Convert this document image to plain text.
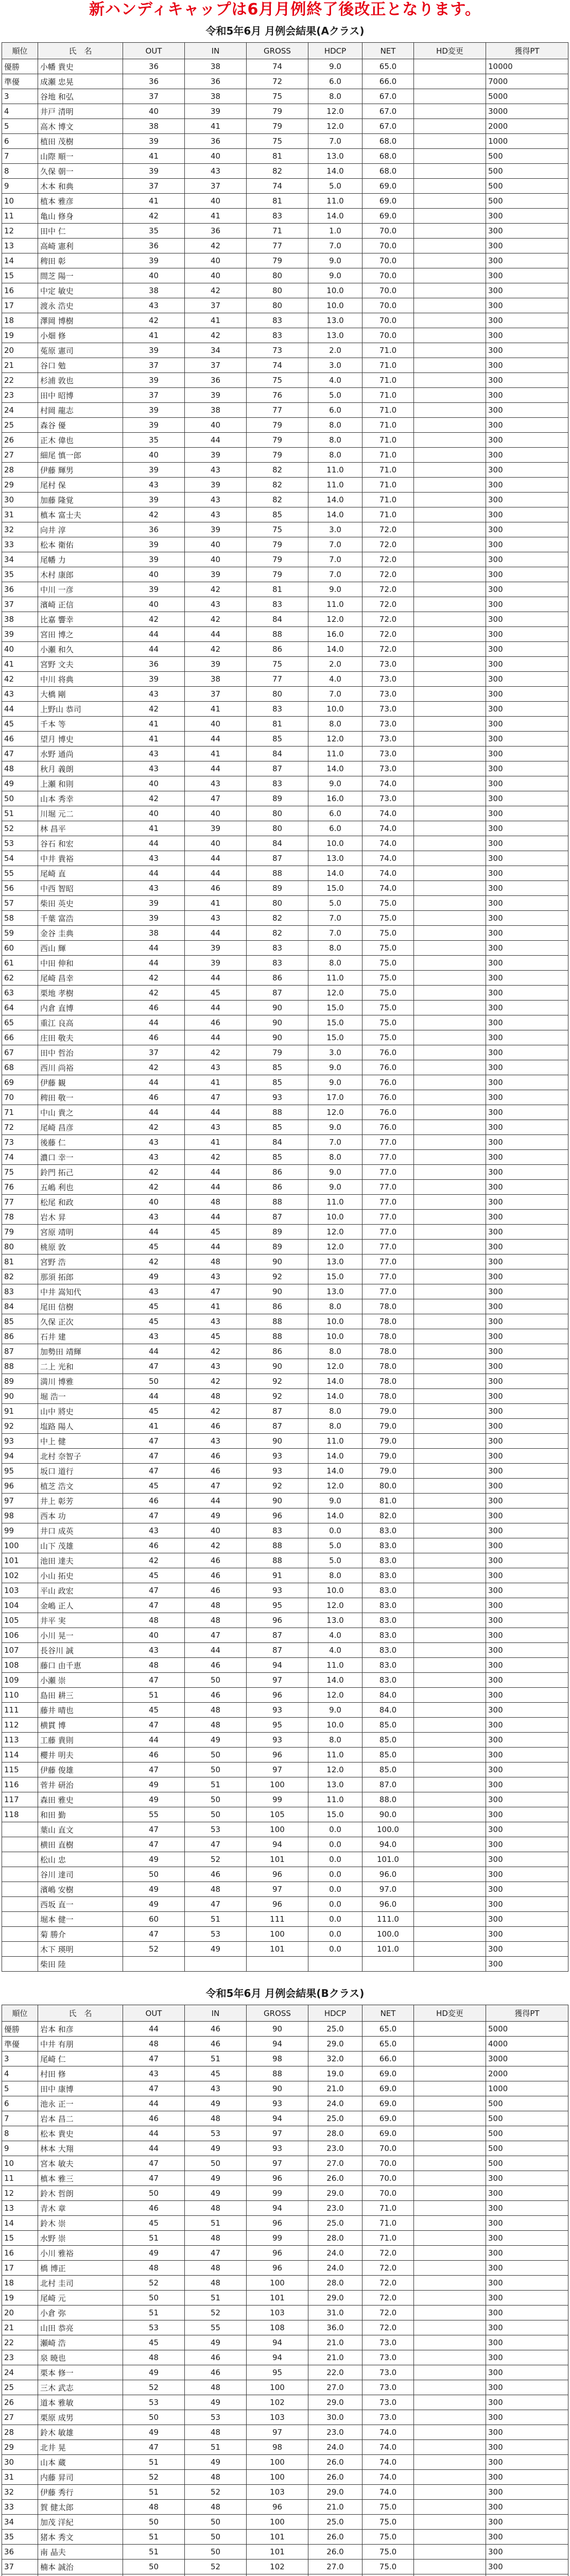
新ハンディキャップは6月月例終了後改正となります。
令和5年6月 月例会結果(Aクラス)
順位	氏　名	OUT	IN	GROSS	HDCP	NET	HD変更	獲得PT
優勝	小幡 貴史	36	38	74	9.0	65.0		10000
準優	成瀬 忠晃	36	36	72	6.0	66.0		7000
3	谷地 和弘	37	38	75	8.0	67.0		5000
4	井戸 清明	40	39	79	12.0	67.0		3000
5	高木 博文	38	41	79	12.0	67.0		2000
6	植田 茂樹	39	36	75	7.0	68.0		1000
7	山際 順一	41	40	81	13.0	68.0		500
8	久保 朝一	39	43	82	14.0	68.0		500
9	木本 和典	37	37	74	5.0	69.0		500
10	植本 雅彦	41	40	81	11.0	69.0		500
11	亀山 修身	42	41	83	14.0	69.0		300
12	田中 仁	35	36	71	1.0	70.0		300
13	高崎 憲利	36	42	77	7.0	70.0		300
14	稗田 彰	39	40	79	9.0	70.0		300
15	間芝 陽一	40	40	80	9.0	70.0		300
16	中定 敏史	38	42	80	10.0	70.0		300
17	渡永 浩史	43	37	80	10.0	70.0		300
18	澤岡 博樹	42	41	83	13.0	70.0		300
19	小畑 修	41	42	83	13.0	70.0		300
20	菟原 憲司	39	34	73	2.0	71.0		300
21	谷口 勉	37	37	74	3.0	71.0		300
22	杉浦 敦也	39	36	75	4.0	71.0		300
23	田中 昭博	37	39	76	5.0	71.0		300
24	村岡 龍志	39	38	77	6.0	71.0		300
25	森谷 優	39	40	79	8.0	71.0		300
26	正木 偉也	35	44	79	8.0	71.0		300
27	細尾 慎一郎	40	39	79	8.0	71.0		300
28	伊藤 輝男	39	43	82	11.0	71.0		300
29	尾村 保	43	39	82	11.0	71.0		300
30	加藤 隆覚	39	43	82	14.0	71.0		300
31	槙本 富士夫	42	43	85	14.0	71.0		300
32	向井 淳	36	39	75	3.0	72.0		300
33	松本 衛佑	39	40	79	7.0	72.0		300
34	尾幡 力	39	40	79	7.0	72.0		300
35	木村 康郎	40	39	79	7.0	72.0		300
36	中川 一彦	39	42	81	9.0	72.0		300
37	濱崎 正信	40	43	83	11.0	72.0		300
38	比嘉 響幸	42	42	84	12.0	72.0		300
39	宮田 博之	44	44	88	16.0	72.0		300
40	小瀬 和久	44	42	86	14.0	72.0		300
41	宮野 文夫	36	39	75	2.0	73.0		300
42	中川 将典	39	38	77	4.0	73.0		300
43	大橋 剛	43	37	80	7.0	73.0		300
44	上野山 恭司	42	41	83	10.0	73.0		300
45	千本 等	41	40	81	8.0	73.0		300
46	望月 博史	41	44	85	12.0	73.0		300
47	水野 通尚	43	41	84	11.0	73.0		300
48	秋月 義朗	43	44	87	14.0	73.0		300
49	上瀬 和則	40	43	83	9.0	74.0		300
50	山本 秀幸	42	47	89	16.0	73.0		300
51	川堀 元二	40	40	80	6.0	74.0		300
52	林 昌平	41	39	80	6.0	74.0		300
53	谷石 和宏	44	40	84	10.0	74.0		300
54	中井 貴裕	43	44	87	13.0	74.0		300
55	尾崎 直	44	44	88	14.0	74.0		300
56	中西 智昭	43	46	89	15.0	74.0		300
57	柴田 英史	39	41	80	5.0	75.0		300
58	千葉 富浩	39	43	82	7.0	75.0		300
59	金谷 圭典	38	44	82	7.0	75.0		300
60	西山 輝	44	39	83	8.0	75.0		300
61	中田 伸和	44	39	83	8.0	75.0		300
62	尾崎 昌幸	42	44	86	11.0	75.0		300
63	栗地 孝樹	42	45	87	12.0	75.0		300
64	内倉 直博	46	44	90	15.0	75.0		300
65	重江 良高	44	46	90	15.0	75.0		300
66	庄田 敬夫	46	44	90	15.0	75.0		300
67	田中 哲治	37	42	79	3.0	76.0		300
68	西川 尚裕	42	43	85	9.0	76.0		300
69	伊藤 観	44	41	85	9.0	76.0		300
70	稗田 敬一	46	47	93	17.0	76.0		300
71	中山 貴之	44	44	88	12.0	76.0		300
72	尾崎 昌彦	42	43	85	9.0	76.0		300
73	後藤 仁	43	41	84	7.0	77.0		300
74	濃口 幸一	43	42	85	8.0	77.0		300
75	鈴門 拓己	42	44	86	9.0	77.0		300
76	五嶋 利也	42	44	86	9.0	77.0		300
77	松尾 和政	40	48	88	11.0	77.0		300
78	岩木 昇	43	44	87	10.0	77.0		300
79	宮原 靖明	44	45	89	12.0	77.0		300
80	桃原 敦	45	44	89	12.0	77.0		300
81	宮野 浩	42	48	90	13.0	77.0		300
82	那須 拓郎	49	43	92	15.0	77.0		300
83	中井 嵩知代	43	47	90	13.0	77.0		300
84	尾田 信樹	45	41	86	8.0	78.0		300
85	久保 正次	45	43	88	10.0	78.0		300
86	石井 建	43	45	88	10.0	78.0		300
87	加勢田 靖輝	44	42	86	8.0	78.0		300
88	二上 光和	47	43	90	12.0	78.0		300
89	満川 博雅	50	42	92	14.0	78.0		300
90	堀 浩一	44	48	92	14.0	78.0		300
91	山中 將史	45	42	87	8.0	79.0		300
92	塩路 陽人	41	46	87	8.0	79.0		300
93	中上 健	47	43	90	11.0	79.0		300
94	北村 奈智子	47	46	93	14.0	79.0		300
95	坂口 道行	47	46	93	14.0	79.0		300
96	植芝 浩文	45	47	92	12.0	80.0		300
97	井上 彰芳	46	44	90	9.0	81.0		300
98	西本 功	47	49	96	14.0	82.0		300
99	井口 成英	43	40	83	0.0	83.0		300
100	山下 茂雄	46	42	88	5.0	83.0		300
101	池田 達夫	42	46	88	5.0	83.0		300
102	小山 拓史	45	46	91	8.0	83.0		300
103	平山 政宏	47	46	93	10.0	83.0		300
104	金嶋 正人	47	48	95	12.0	83.0		300
105	井平 実	48	48	96	13.0	83.0		300
106	小川 晃一	40	47	87	4.0	83.0		300
107	長谷川 誠	43	44	87	4.0	83.0		300
108	藤口 由千恵	48	46	94	11.0	83.0		300
109	小瀬 崇	47	50	97	14.0	83.0		300
110	島田 耕三	51	46	96	12.0	84.0		300
111	藤井 晴也	45	48	93	9.0	84.0		300
112	横貫 博	47	48	95	10.0	85.0		300
113	工藤 貴則	44	49	93	8.0	85.0		300
114	櫻井 明夫	46	50	96	11.0	85.0		300
115	伊藤 俊雄	47	50	97	12.0	85.0		300
116	菅井 研治	49	51	100	13.0	87.0		300
117	森田 雅史	49	50	99	11.0	88.0		300
118	和田 勤	55	50	105	15.0	90.0		300
	葉山 直文	47	53	100	0.0	100.0		300
	横田 直樹	47	47	94	0.0	94.0		300
	松山 忠	49	52	101	0.0	101.0		300
	谷川 達司	50	46	96	0.0	96.0		300
	濱嶋 安樹	49	48	97	0.0	97.0		300
	西坂 直一	49	47	96	0.0	96.0		300
	堀本 健一	60	51	111	0.0	111.0		300
	菊 勝介	47	53	100	0.0	100.0		300
	木下 瑛明	52	49	101	0.0	101.0		300
	柴田 陸							300
令和5年6月 月例会結果(Bクラス)
順位	氏　名	OUT	IN	GROSS	HDCP	NET	HD変更	獲得PT
優勝	岩本 和彦	44	46	90	25.0	65.0		5000
準優	中井 有朋	48	46	94	29.0	65.0		4000
3	尾崎 仁	47	51	98	32.0	66.0		3000
4	村田 修	43	45	88	19.0	69.0		2000
5	田中 康博	47	43	90	21.0	69.0		1000
6	池永 正一	44	49	93	24.0	69.0		500
7	岩本 昌二	46	48	94	25.0	69.0		500
8	松本 貴史	44	53	97	28.0	69.0		500
9	林本 大翔	44	49	93	23.0	70.0		500
10	宮本 敏夫	47	50	97	27.0	70.0		500
11	槙本 雅三	47	49	96	26.0	70.0		300
12	鈴木 哲朗	50	49	99	29.0	70.0		300
13	青木 章	46	48	94	23.0	71.0		300
14	鈴木 崇	45	51	96	25.0	71.0		300
15	水野 崇	51	48	99	28.0	71.0		300
16	小川 雅裕	49	47	96	24.0	72.0		300
17	橋 博正	48	48	96	24.0	72.0		300
18	北村 圭司	52	48	100	28.0	72.0		300
19	尾崎 元	50	51	101	29.0	72.0		300
20	小倉 弥	51	52	103	31.0	72.0		300
21	山田 恭亮	53	55	108	36.0	72.0		300
22	瀬崎 浩	45	49	94	21.0	73.0		300
23	泉 暁也	48	46	94	21.0	73.0		300
24	栗本 修一	49	46	95	22.0	73.0		300
25	三木 武志	52	48	100	27.0	73.0		300
26	道本 雅敏	53	49	102	29.0	73.0		300
27	栗原 成男	50	53	103	30.0	73.0		300
28	鈴木 敏雄	49	48	97	23.0	74.0		300
29	北井 晃	47	51	98	24.0	74.0		300
30	山本 蔵	51	49	100	26.0	74.0		300
31	内藤 昇司	52	48	100	26.0	74.0		300
32	伊藤 秀行	51	52	103	29.0	74.0		300
33	賀 健太郎	48	48	96	21.0	75.0		300
34	加茂 洋紀	50	50	100	25.0	75.0		300
35	猪本 秀文	51	50	101	26.0	75.0		300
36	南 晶夫	51	50	101	26.0	75.0		300
37	楠本 誠治	50	52	102	27.0	75.0		300
